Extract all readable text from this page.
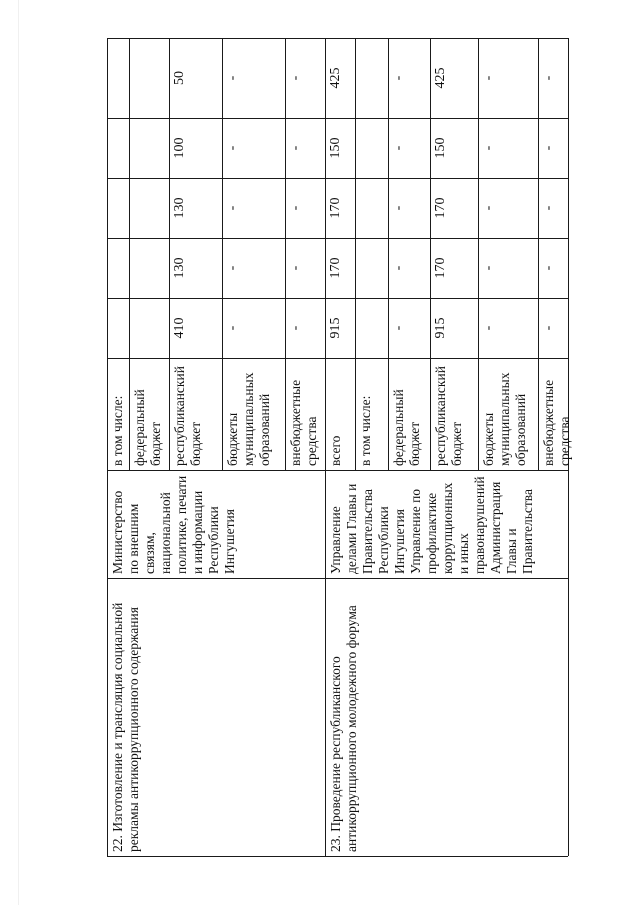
22. Изготовление и трансляция социальной рекламы антикоррупционного содержания
Министерство по внешним связям, национальной политике, печати и информации Республики Ингушетия
в том числе: федеральный бюджет республиканский бюджет
410
130
130
100
50
бюджеты муниципальных образований
-
-
-
-
-
внебюджетные средства
-
-
-
-
-
23. Проведение республиканского антикоррупционного молодежного форума
Управление делами Главы и Правительства Республики Ингушетия Управление по профилактике коррупционных и иных правонарушений Администрация Главы и Правительства
всего
915
170
170
150
425
в том числе:	федеральный бюджет
-
-
-
-
-
республиканский бюджет
915
170
170
150
425
бюджеты муниципальных образований
-
-
-
-
-
внебюджетные средства
-
-
-
-
-
